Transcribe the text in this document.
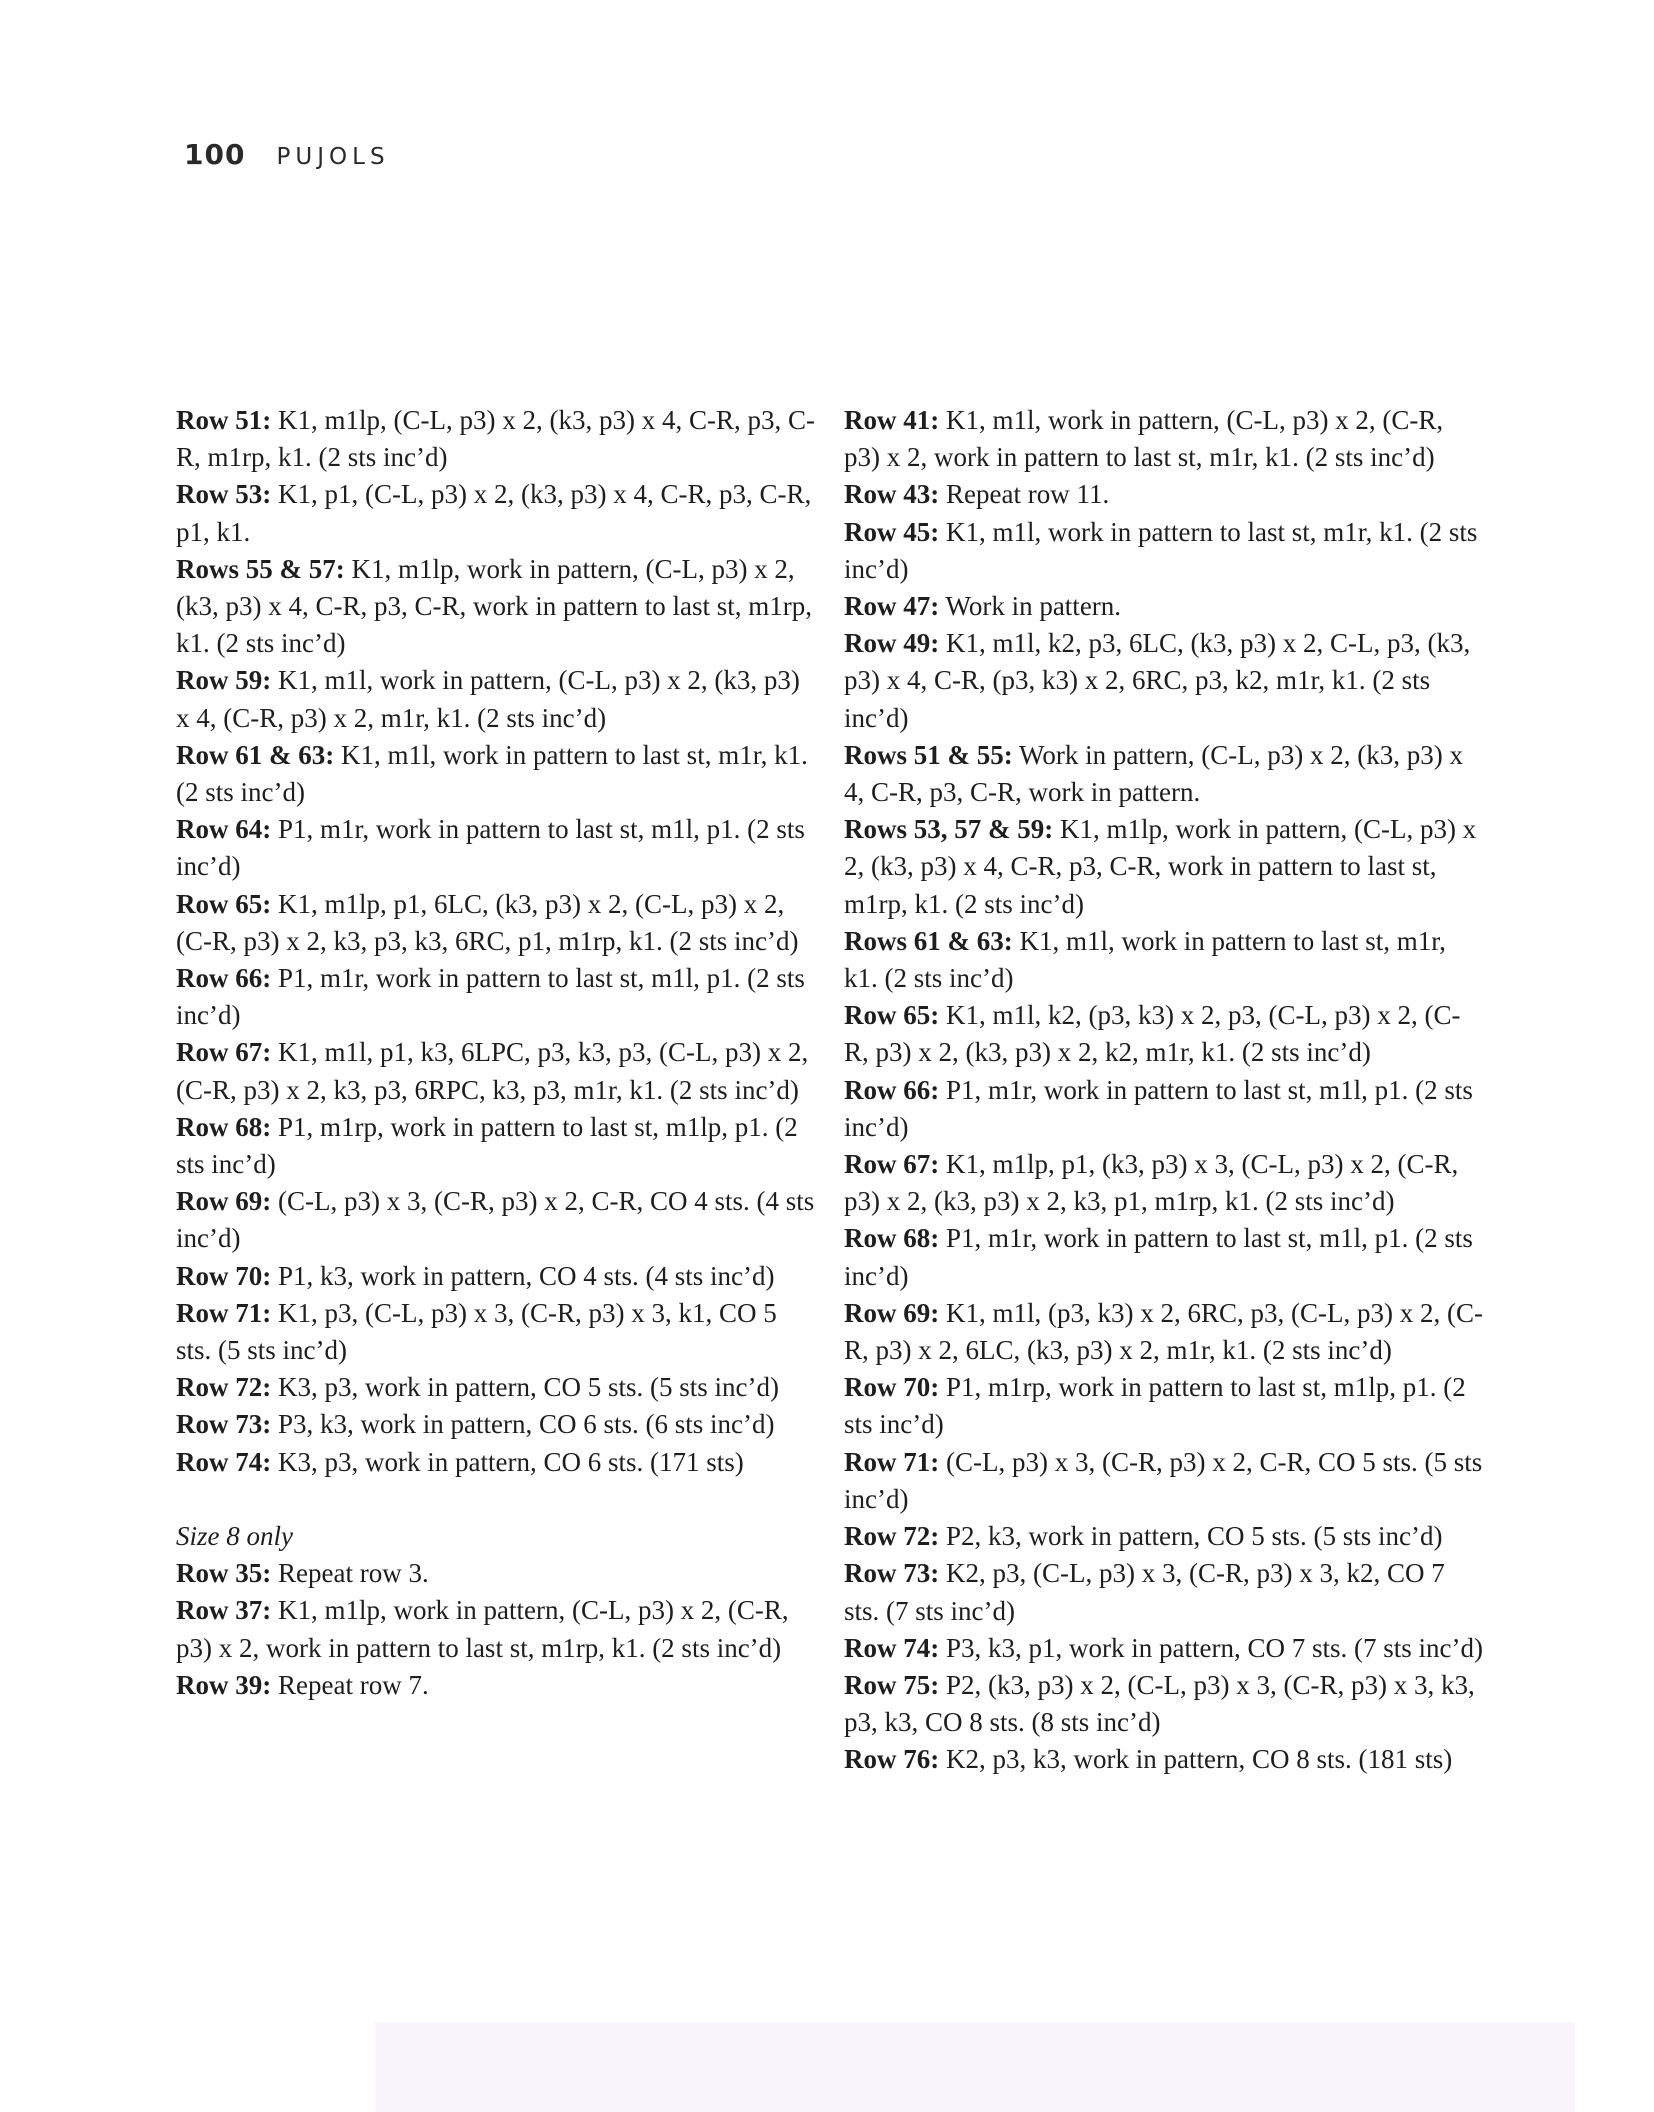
100 PUJOLS

Row 51: K1, m1lp, (C-L, p3) x 2, (k3, p3) x 4, C-R, p3, C-R, m1rp, k1. (2 sts inc’d)

Row 53: K1, p1, (C-L, p3) x 2, (k3, p3) x 4, C-R, p3, C-R, p1, k1.

Rows 55 & 57: K1, m1lp, work in pattern, (C-L, p3) x 2, (k3, p3) x 4, C-R, p3, C-R, work in pattern to last st, m1rp, k1. (2 sts inc’d)

Row 59: K1, m1l, work in pattern, (C-L, p3) x 2, (k3, p3) x 4, (C-R, p3) x 2, m1r, k1. (2 sts inc’d)

Row 61 & 63: K1, m1l, work in pattern to last st, m1r, k1. (2 sts inc’d)

Row 64: P1, m1r, work in pattern to last st, m1l, p1. (2 sts inc’d)

Row 65: K1, m1lp, p1, 6LC, (k3, p3) x 2, (C-L, p3) x 2, (C-R, p3) x 2, k3, p3, k3, 6RC, p1, m1rp, k1. (2 sts inc’d)

Row 66: P1, m1r, work in pattern to last st, m1l, p1. (2 sts inc’d)

Row 67: K1, m1l, p1, k3, 6LPC, p3, k3, p3, (C-L, p3) x 2, (C-R, p3) x 2, k3, p3, 6RPC, k3, p3, m1r, k1. (2 sts inc’d)

Row 68: P1, m1rp, work in pattern to last st, m1lp, p1. (2 sts inc’d)

Row 69: (C-L, p3) x 3, (C-R, p3) x 2, C-R, CO 4 sts. (4 sts inc’d)

Row 70: P1, k3, work in pattern, CO 4 sts. (4 sts inc’d)

Row 71: K1, p3, (C-L, p3) x 3, (C-R, p3) x 3, k1, CO 5 sts. (5 sts inc’d)

Row 72: K3, p3, work in pattern, CO 5 sts. (5 sts inc’d)

Row 73: P3, k3, work in pattern, CO 6 sts. (6 sts inc’d)

Row 74: K3, p3, work in pattern, CO 6 sts. (171 sts)

Size 8 only

Row 35: Repeat row 3.

Row 37: K1, m1lp, work in pattern, (C-L, p3) x 2, (C-R, p3) x 2, work in pattern to last st, m1rp, k1. (2 sts inc’d)

Row 39: Repeat row 7.

Row 41: K1, m1l, work in pattern, (C-L, p3) x 2, (C-R, p3) x 2, work in pattern to last st, m1r, k1. (2 sts inc’d)

Row 43: Repeat row 11.

Row 45: K1, m1l, work in pattern to last st, m1r, k1. (2 sts inc’d)

Row 47: Work in pattern.

Row 49: K1, m1l, k2, p3, 6LC, (k3, p3) x 2, C-L, p3, (k3, p3) x 4, C-R, (p3, k3) x 2, 6RC, p3, k2, m1r, k1. (2 sts inc’d)

Rows 51 & 55: Work in pattern, (C-L, p3) x 2, (k3, p3) x 4, C-R, p3, C-R, work in pattern.

Rows 53, 57 & 59: K1, m1lp, work in pattern, (C-L, p3) x 2, (k3, p3) x 4, C-R, p3, C-R, work in pattern to last st, m1rp, k1. (2 sts inc’d)

Rows 61 & 63: K1, m1l, work in pattern to last st, m1r, k1. (2 sts inc’d)

Row 65: K1, m1l, k2, (p3, k3) x 2, p3, (C-L, p3) x 2, (C-R, p3) x 2, (k3, p3) x 2, k2, m1r, k1. (2 sts inc’d)

Row 66: P1, m1r, work in pattern to last st, m1l, p1. (2 sts inc’d)

Row 67: K1, m1lp, p1, (k3, p3) x 3, (C-L, p3) x 2, (C-R, p3) x 2, (k3, p3) x 2, k3, p1, m1rp, k1. (2 sts inc’d)

Row 68: P1, m1r, work in pattern to last st, m1l, p1. (2 sts inc’d)

Row 69: K1, m1l, (p3, k3) x 2, 6RC, p3, (C-L, p3) x 2, (C-R, p3) x 2, 6LC, (k3, p3) x 2, m1r, k1. (2 sts inc’d)

Row 70: P1, m1rp, work in pattern to last st, m1lp, p1. (2 sts inc’d)

Row 71: (C-L, p3) x 3, (C-R, p3) x 2, C-R, CO 5 sts. (5 sts inc’d)

Row 72: P2, k3, work in pattern, CO 5 sts. (5 sts inc’d)

Row 73: K2, p3, (C-L, p3) x 3, (C-R, p3) x 3, k2, CO 7 sts. (7 sts inc’d)

Row 74: P3, k3, p1, work in pattern, CO 7 sts. (7 sts inc’d)

Row 75: P2, (k3, p3) x 2, (C-L, p3) x 3, (C-R, p3) x 3, k3, p3, k3, CO 8 sts. (8 sts inc’d)

Row 76: K2, p3, k3, work in pattern, CO 8 sts. (181 sts)
